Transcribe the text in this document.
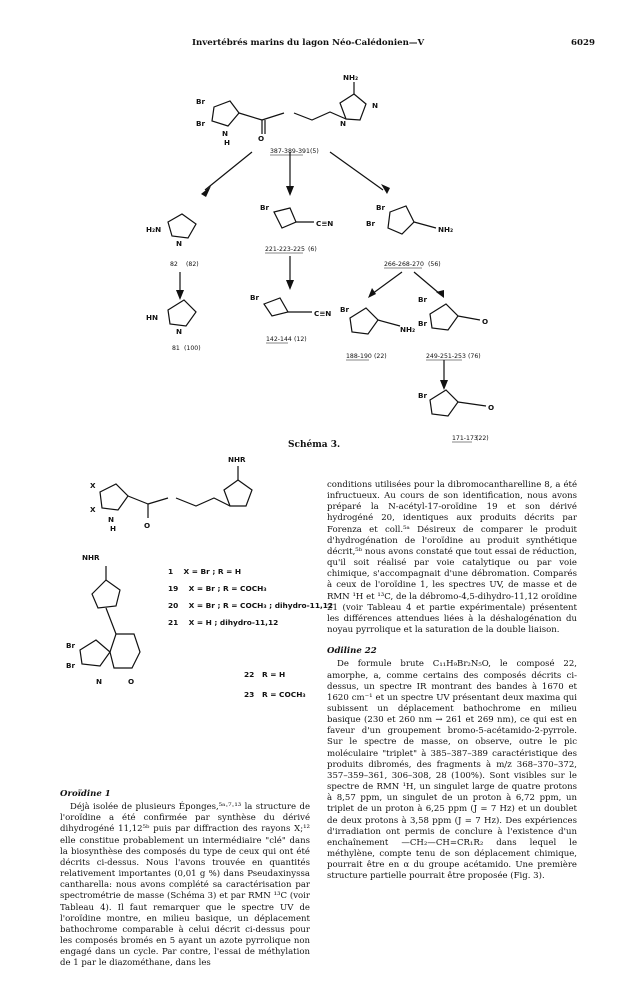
Invertébrés marins du lagon Néo-Calédonien—V	6029
Br
Br
N
H	O
NH₂
N
N
H₂N
N
Br
C≡N
Br
Br
NH₂
HN
N
Br
C≡N Br
NH₂
Br
Br	O
Br
O
387-389-391 (5)
82 (82)
221-223-225 (6)
266-268-270 (56)
81 (100)
142-144 (12)
188-190 (22)	249-251-253 (76)
171-173
(22)
X
X
N
H	O
NHR
NHR
Br
Br
N	O
Schéma 3.
1 X = Br ; R = H
19 X = Br ; R = COCH₃
20 X = Br ; R = COCH₃ ; dihydro-11,12
21 X = H ; dihydro-11,12
22 R = H
23 R = COCH₃

Oroïdine 1

Déjà isolée de plusieurs Éponges,⁵ᵃ·⁷·¹³ la structure de l'oroïdine a été confirmée par synthèse du dérivé dihydrogéné 11,12⁵ᵇ puis par diffraction des rayons X;¹² elle constitue probablement un intermédiaire "clé" dans la biosynthèse des composés du type de ceux qui ont été décrits ci-dessus. Nous l'avons trouvée en quantités relativement importantes (0,01 g %) dans Pseudaxinyssa cantharella: nous avons complété sa caractérisation par spectrométrie de masse (Schéma 3) et par RMN ¹³C (voir Tableau 4). Il faut remarquer que le spectre UV de l'oroïdine montre, en milieu basique, un déplacement bathochrome comparable à celui décrit ci-dessus pour les composés bromés en 5 ayant un azote pyrrolique non engagé dans un cycle. Par contre, l'essai de méthylation de 1 par le diazométhane, dans les

conditions utilisées pour la dibromocantharelline 8, a été infructueux. Au cours de son identification, nous avons préparé la N-acétyl-17-oroïdine 19 et son dérivé hydrogéné 20, identiques aux produits décrits par Forenza et coll.⁵ᵃ Désireux de comparer le produit d'hydrogénation de l'oroïdine au produit synthétique décrit,⁵ᵇ nous avons constaté que tout essai de réduction, qu'il soit réalisé par voie catalytique ou par voie chimique, s'accompagnait d'une débromation. Comparés à ceux de l'oroïdine 1, les spectres UV, de masse et de RMN ¹H et ¹³C, de la débromo-4,5-dihydro-11,12 oroïdine 21 (voir Tableau 4 et partie expérimentale) présentent les différences attendues liées à la déshalogénation du noyau pyrrolique et la saturation de la double liaison.

Odiline 22

De formule brute C₁₁H₉Br₂N₅O, le composé 22, amorphe, a, comme certains des composés décrits ci-dessus, un spectre IR montrant des bandes à 1670 et 1620 cm⁻¹ et un spectre UV présentant deux maxima qui subissent un déplacement bathochrome en milieu basique (230 et 260 nm → 261 et 269 nm), ce qui est en faveur d'un groupement bromo-5-acétamido-2-pyrrole. Sur le spectre de masse, on observe, outre le pic moléculaire "triplet" à 385–387–389 caractéristique des produits dibromés, des fragments à m/z 368–370–372, 357–359–361, 306–308, 28 (100%). Sont visibles sur le spectre de RMN ¹H, un singulet large de quatre protons à 8,57 ppm, un singulet de un proton à 6,72 ppm, un triplet de un proton à 6,25 ppm (J = 7 Hz) et un doublet de deux protons à 3,58 ppm (J = 7 Hz). Des expériences d'irradiation ont permis de conclure à l'existence d'un enchaînement —CH₂—CH=CR₁R₂ dans lequel le méthylène, compte tenu de son déplacement chimique, pourrait être en α du groupe acétamido. Une première structure partielle pourrait être proposée (Fig. 3).
